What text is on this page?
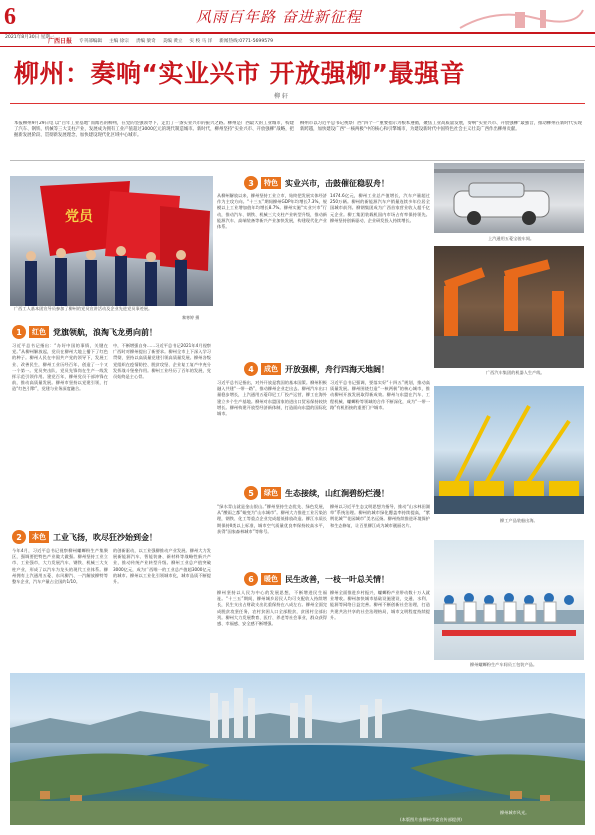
6
2021年8月30日 星期一
风雨百年路 奋进新征程
广西日报 专刊部编辑 主编 徐宗 责编 梁奇 美编 黄立 实 校 马 洋 新闻热线:0771-5699579
柳州：奏响“实业兴市 开放强柳”最强音
柳轩
本报柳州9月29日电 以“百年工业基地”而闻名的柳州，在党的坚强领导下，走出了一条实业兴市的振兴之路。柳州是广西最大的工业城市，构建了汽车、钢铁、机械等三大支柱产业，发展成为拥有工业产值超过3000亿元的现代制造城市。新时代，柳州坚持“实业兴市、开放强柳”战略，把握新发展阶段、贯彻新发展理念，加快建设现代化区域中心城市。
柳州市以习近平总书记视察广西“四个一”重要指示为根本遵循，聚焦工业高质量发展，奏响“实业兴市、开放强柳”最强音，推动柳州在新时代实现新跨越，加快建设广西“一核两极”中的核心和引擎城市，为建设新时代中国特色社会主义壮美广西作出柳州贡献。
党员
广西工人基本团宣导员参加了柳州的党员宣讲活动及企业先进党员事迹展。
黎寒婷 摄
1	红色 党旗领航，浪淘飞龙勇向前！
习近平总书记指出：“办好中国的事情，关键在党。”从柳州解放起，党员在柳州大地上播下了红色的种子。柳州人民在中国共产党的领导下，发展工业、改善民生，柳州工业历经百年，创造了一个又一个第一。党员突击队、党员先锋岗在生产一线发挥示范引领作用。建党百年，柳州党员干部冲锋在前，推动高质量发展。柳州市坚持以党建引领，打造“红色引擎”，党建与业务深度融合。
中，不断增强自身……习近平总书记2021年4月视察广西时对柳州提出了新要求。柳州全市上下深入学习贯彻，坚持以高质量党建引领高质量发展。柳州各级党组织在疫情防控、脱贫攻坚、企业复工复产中充分发挥战斗堡垒作用。柳州工业经历了百年的发展，党员始终是主心骨。
2	本色 工业飞扬，吹尽狂沙始到金！
今年4月，习近平总书记视察柳州螺蛳粉生产集聚区，强调要把特色产业做大做强。柳州坚持工业立市、工业强市，大力发展汽车、钢铁、机械三大支柱产业，形成了以汽车为龙头的现代工业体系。柳州拥有上汽通用五菱、东风柳汽、一汽解放柳特等整车企业，汽车产量占全国约1/10。
的创新驱动，以工业强柳推动产业发展。柳州大力发展新能源汽车、智能装备、新材料等战略性新兴产业，推动传统产业转型升级。柳州工业总产值突破3000亿元，成为广西唯一的工业总产值超3000亿元的城市。柳州以工业化引领城市化，城市品质不断提升。
3	特色 实业兴市，击鼓催征稳驭舟！
从柳州解放以来，柳州坚持工业立市，始终把发展实体经济作为主攻方向。“十三五”期间柳州GDP年均增长7.3%，规模以上工业增加值年均增长8.7%。柳州实施“实业兴市”行动，推动汽车、钢铁、机械三大支柱产业转型升级，推动新能源汽车、高端装备等新兴产业加快发展，构建现代化产业体系。
1474.6亿元，柳州工业总产值增长，汽车产量超过250万辆。柳州的新能源汽车产销量连续多年位居全国城市前列。柳钢集团成为广西首家营业收入超千亿元企业。柳工集团装载机国内市场占有率保持领先。柳州坚持创新驱动，企业研发投入持续增长。
4	成色 开放强柳，舟行四海天地阔！
习近平总书记指出，对外开放是我国的基本国策。柳州积极融入共建“一带一路”，推动柳州企业走出去。柳州汽车出口量稳步增长，上汽通用五菱印尼工厂投产运营，柳工在海外建立多个生产基地。柳州对东盟国家的进出口贸易保持较快增长。柳州构建开放型经济新体制，打造面向东盟的国际化城市。
习近平总书记强调，要落实好“十四五”规划，推动高质量发展。柳州围绕打造“一核两极”的核心城市，推动柳州开放发展取得新成效。柳州与东盟在汽车、工程机械、螺蛳粉等领域的合作不断深化，成为“一带一路”有机衔接的重要门户城市。
5	绿色 生态接续，山红涧碧纷烂漫！
“绿水青山就是金山银山。”柳州坚持生态优先、绿色发展，从“酸雨之都”蜕变为“山水城市”。柳州大力推进工业污染治理，钢铁、化工等重点企业完成超低排放改造。柳江水质长期保持Ⅱ类以上标准，城市空气质量优良率保持较高水平，获得“国家森林城市”等称号。
柳州以习近平生态文明思想为指导，推动“山水林田湖草”系统治理。柳州的城市绿化覆盖率持续提高，“紫荆花城”“花园城市”美名远扬。柳州持续推进环境保护和生态修复，让百里柳江成为城市靓丽名片。
6	暖色 民生改善，一枝一叶总关情！
柳州坚持以人民为中心的发展思想，不断增进民生福祉。“十三五”期间，柳州城乡居民人均可支配收入持续增长，民生支出占财政支出比重保持在八成左右。柳州全面完成脱贫攻坚任务，农村贫困人口全部脱贫，贫困村全部出列。柳州大力发展教育、医疗、养老等社会事业，群众获得感、幸福感、安全感不断增强。
柳州全面推进乡村振兴，螺蛳粉产业带动数十万人就业增收。柳州加快城市基础设施建设，交通、水利、能源等网络日益完善。柳州不断创新社会治理，打造共建共治共享的社会治理格局，城市文明程度持续提升。
上汽通用五菱宝骏车间。
广西汽车集团的机器人生产线。
柳工产品装船出海。
柳州螺蛳粉生产车间员工包装产品。
柳州城市风光。
(本版图片由柳州市委宣传部提供)
